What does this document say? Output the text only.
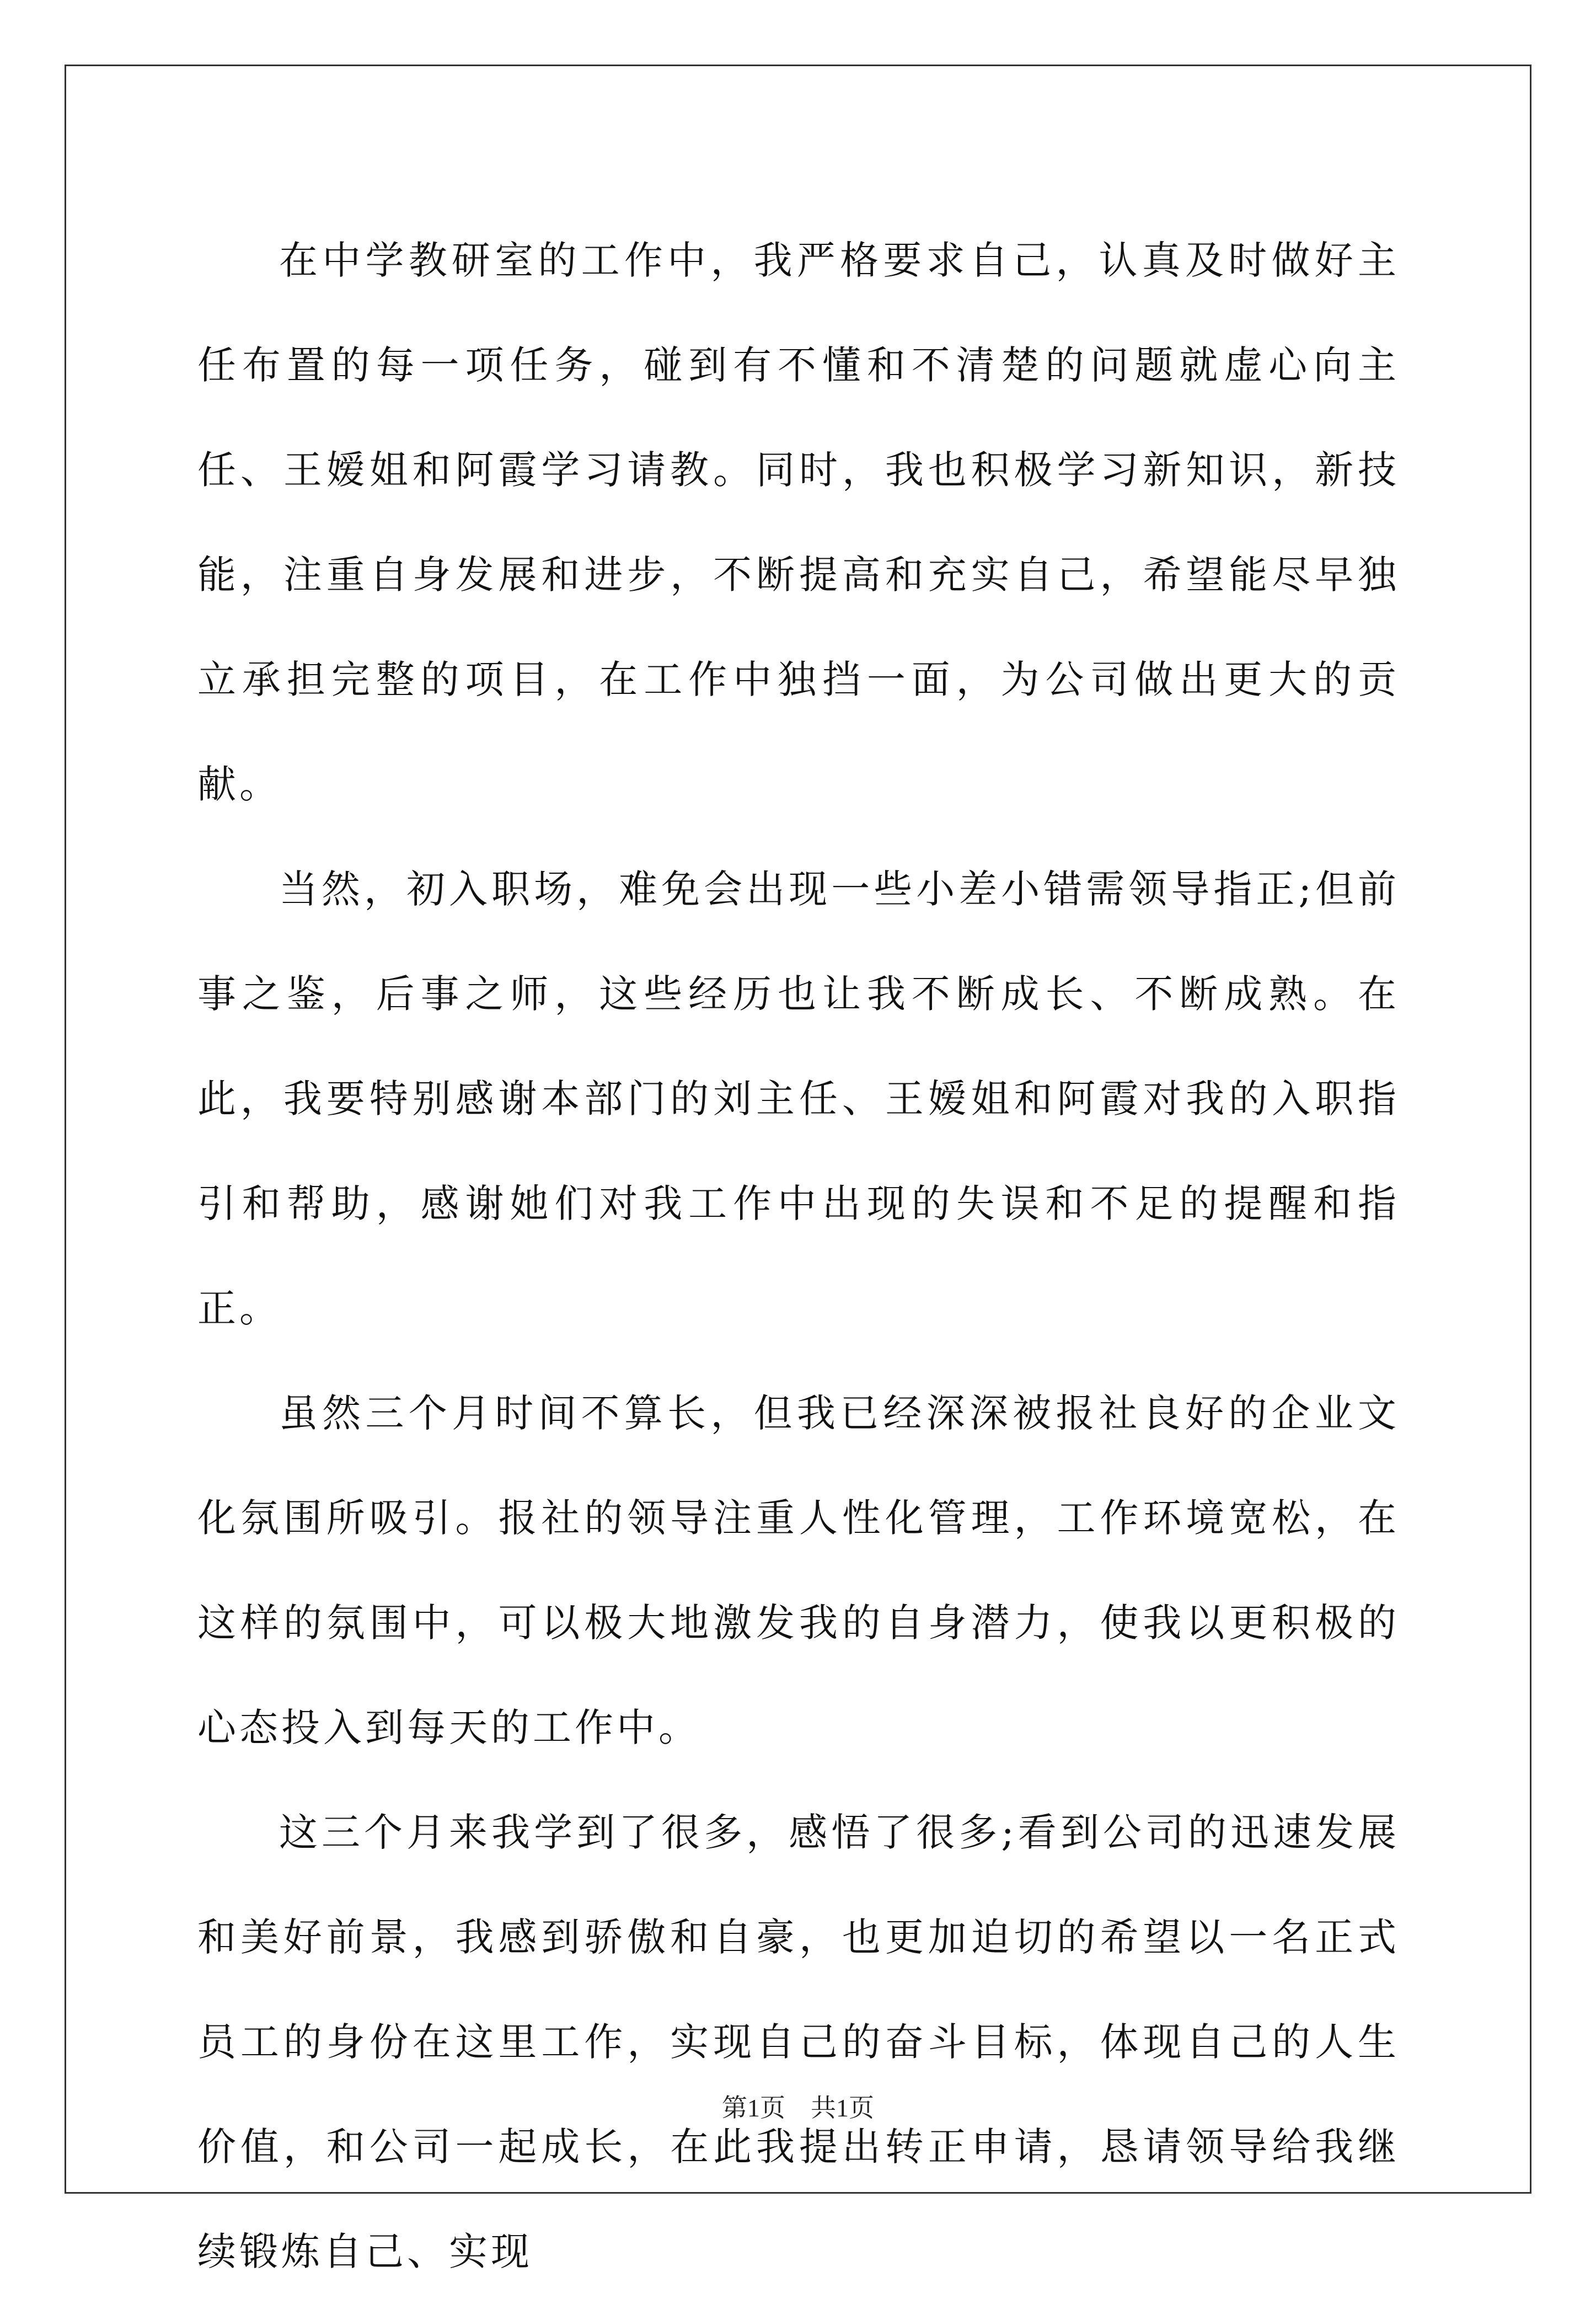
在中学教研室的工作中，我严格要求自己，认真及时做好主任布置的每一项任务，碰到有不懂和不清楚的问题就虚心向主任、王嫒姐和阿霞学习请教。同时，我也积极学习新知识，新技能，注重自身发展和进步，不断提高和充实自己，希望能尽早独立承担完整的项目，在工作中独挡一面，为公司做出更大的贡献。

当然，初入职场，难免会出现一些小差小错需领导指正;但前事之鉴，后事之师，这些经历也让我不断成长、不断成熟。在此，我要特别感谢本部门的刘主任、王嫒姐和阿霞对我的入职指引和帮助，感谢她们对我工作中出现的失误和不足的提醒和指正。

虽然三个月时间不算长，但我已经深深被报社良好的企业文化氛围所吸引。报社的领导注重人性化管理，工作环境宽松，在这样的氛围中，可以极大地激发我的自身潜力，使我以更积极的心态投入到每天的工作中。

这三个月来我学到了很多，感悟了很多;看到公司的迅速发展和美好前景，我感到骄傲和自豪，也更加迫切的希望以一名正式员工的身份在这里工作，实现自己的奋斗目标，体现自己的人生价值，和公司一起成长，在此我提出转正申请，恳请领导给我继续锻炼自己、实现

第1页　共1页
